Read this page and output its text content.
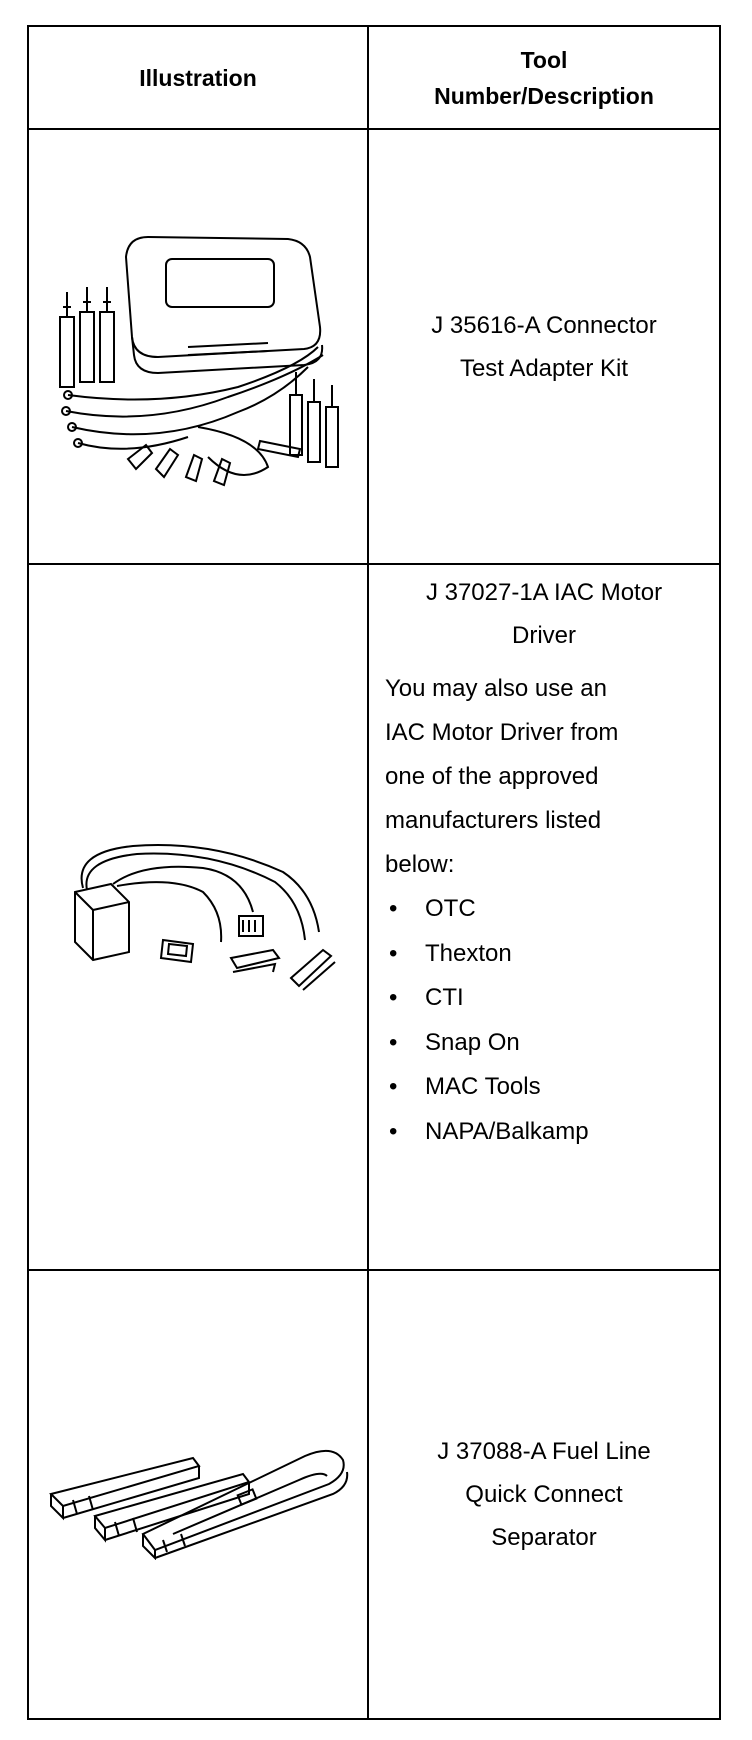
Illustration
Tool
Number/Description
J 35616-A Connector
Test Adapter Kit
J 37027-1A IAC Motor
Driver
You may also use an
IAC Motor Driver from
one of the approved
manufacturers listed
below:
• OTC
• Thexton
• CTI
• Snap On
• MAC Tools
• NAPA/Balkamp
J 37088-A Fuel Line
Quick Connect
Separator
